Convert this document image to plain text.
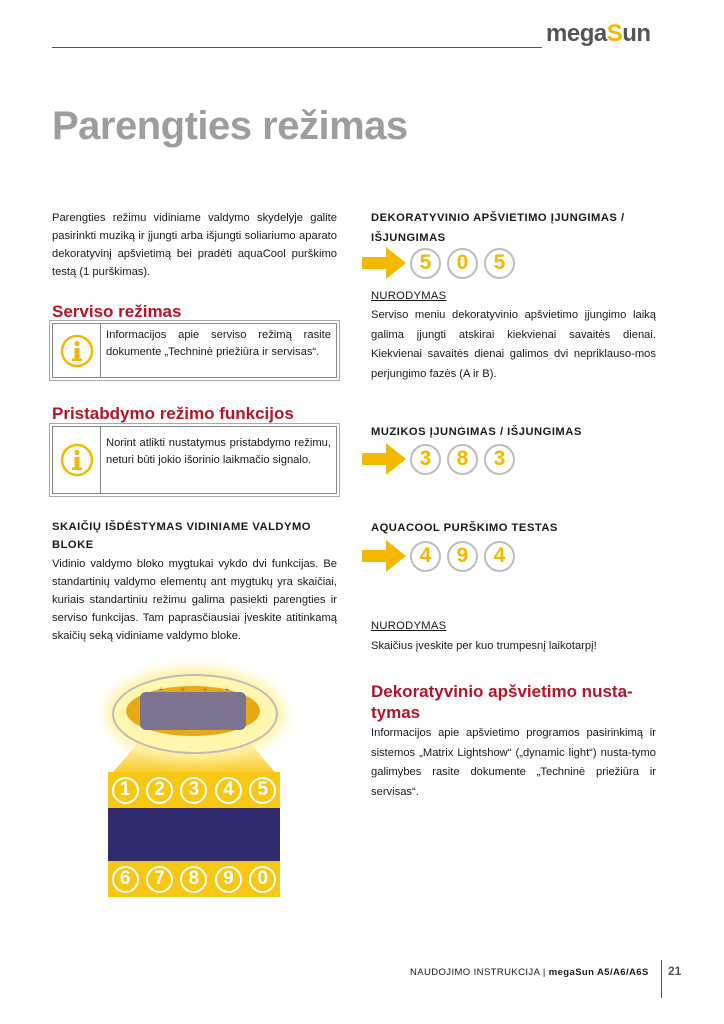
megaSun
Parengties režimas
Parengties režimu vidiniame valdymo skydelyje galite pasirinkti muziką ir įjungti arba išjungti soliariumo aparato dekoratyvinį apšvietimą bei pradėti aquaCool purškimo testą (1 purškimas).
Serviso režimas
Informacijos apie serviso režimą rasite dokumente „Techninė priežiūra ir servisas“.
Pristabdymo režimo funkcijos
Norint atlikti nustatymus pristabdymo režimu, neturi būti jokio išorinio laikmačio signalo.
SKAIČIŲ IŠDĖSTYMAS VIDINIAME VALDYMO BLOKE
Vidinio valdymo bloko mygtukai vykdo dvi funkcijas. Be standartinių valdymo elementų ant mygtukų yra skaičiai, kuriais standartiniu režimu galima pasiekti parengties ir serviso funkcijas. Tam paprasčiausiai įveskite atitinkamą skaičių seką vidiniame valdymo bloke.
+ + + +
- - - -
1	2	3	4	5
6	7	8	9	0
DEKORATYVINIO APŠVIETIMO ĮJUNGIMAS / IŠJUNGIMAS
5	0	5
NURODYMAS
Serviso meniu dekoratyvinio apšvietimo įjungimo laiką galima įjungti atskirai kiekvienai savaitės dienai. Kiekvienai savaitės dienai galimos dvi nepriklauso-mos perjungimo fazės (A ir B).
MUZIKOS ĮJUNGIMAS / IŠJUNGIMAS
3	8	3
AQUACOOL PURŠKIMO TESTAS
4	9	4
NURODYMAS
Skaičius įveskite per kuo trumpesnį laikotarpį!
Dekoratyvinio apšvietimo nusta-tymas
Informacijos apie apšvietimo programos pasirinkimą ir sistemos „Matrix Lightshow“ („dynamic light“) nusta-tymo galimybes rasite dokumente „Techninė priežiūra ir servisas“.
NAUDOJIMO INSTRUKCIJA | megaSun A5/A6/A6S 21
